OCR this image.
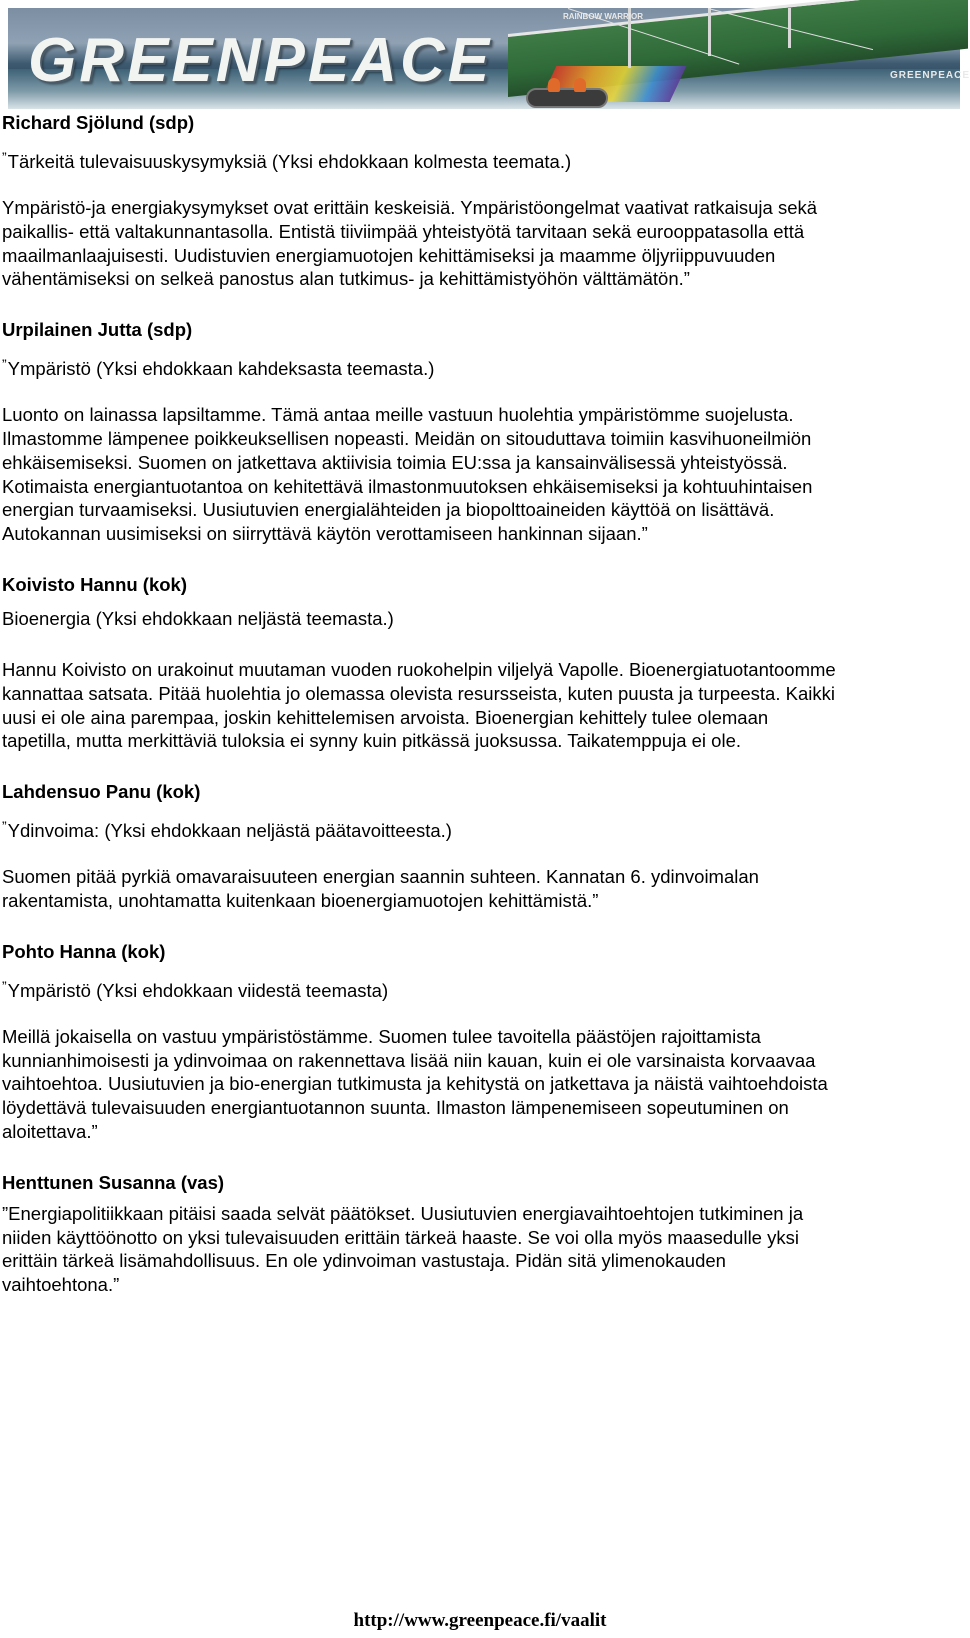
RAINBOW WARRIOR
GREENPEACE
GREENPEACE
Richard Sjölund (sdp)
”Tärkeitä tulevaisuuskysymyksiä (Yksi ehdokkaan kolmesta teemata.)
Ympäristö-ja energiakysymykset ovat erittäin keskeisiä. Ympäristöongelmat vaativat ratkaisuja sekä
paikallis- että valtakunnantasolla. Entistä tiiviimpää yhteistyötä tarvitaan sekä eurooppatasolla että
maailmanlaajuisesti. Uudistuvien energiamuotojen kehittämiseksi ja maamme öljyriippuvuuden
vähentämiseksi on selkeä panostus alan tutkimus- ja kehittämistyöhön välttämätön.”
Urpilainen Jutta (sdp)
”Ympäristö (Yksi ehdokkaan kahdeksasta teemasta.)
Luonto on lainassa lapsiltamme. Tämä antaa meille vastuun huolehtia ympäristömme suojelusta.
Ilmastomme lämpenee poikkeuksellisen nopeasti. Meidän on sitouduttava toimiin kasvihuoneilmiön
ehkäisemiseksi. Suomen on jatkettava aktiivisia toimia EU:ssa ja kansainvälisessä yhteistyössä.
Kotimaista energiantuotantoa on kehitettävä ilmastonmuutoksen ehkäisemiseksi ja kohtuuhintaisen
energian turvaamiseksi. Uusiutuvien energialähteiden ja biopolttoaineiden käyttöä on lisättävä.
Autokannan uusimiseksi on siirryttävä käytön verottamiseen hankinnan sijaan.”
Koivisto Hannu (kok)
Bioenergia (Yksi ehdokkaan neljästä teemasta.)
Hannu Koivisto on urakoinut muutaman vuoden ruokohelpin viljelyä Vapolle. Bioenergiatuotantoomme
kannattaa satsata. Pitää huolehtia jo olemassa olevista resursseista, kuten puusta ja turpeesta. Kaikki
uusi ei ole aina parempaa, joskin kehittelemisen arvoista. Bioenergian kehittely tulee olemaan
tapetilla, mutta merkittäviä tuloksia ei synny kuin pitkässä juoksussa. Taikatemppuja ei ole.
Lahdensuo Panu (kok)
”Ydinvoima: (Yksi ehdokkaan neljästä päätavoitteesta.)
Suomen pitää pyrkiä omavaraisuuteen energian saannin suhteen. Kannatan 6. ydinvoimalan
rakentamista, unohtamatta kuitenkaan bioenergiamuotojen kehittämistä.”
Pohto Hanna (kok)
”Ympäristö (Yksi ehdokkaan viidestä teemasta)
Meillä jokaisella on vastuu ympäristöstämme. Suomen tulee tavoitella päästöjen rajoittamista
kunnianhimoisesti ja ydinvoimaa on rakennettava lisää niin kauan, kuin ei ole varsinaista korvaavaa
vaihtoehtoa. Uusiutuvien ja bio-energian tutkimusta ja kehitystä on jatkettava ja näistä vaihtoehdoista
löydettävä tulevaisuuden energiantuotannon suunta. Ilmaston lämpenemiseen sopeutuminen on
aloitettava.”
Henttunen Susanna (vas)
”Energiapolitiikkaan pitäisi saada selvät päätökset. Uusiutuvien energiavaihtoehtojen tutkiminen ja
niiden käyttöönotto on yksi tulevaisuuden erittäin tärkeä haaste. Se voi olla myös maasedulle yksi
erittäin tärkeä lisämahdollisuus. En ole ydinvoiman vastustaja. Pidän sitä ylimenokauden
vaihtoehtona.”
http://www.greenpeace.fi/vaalit
